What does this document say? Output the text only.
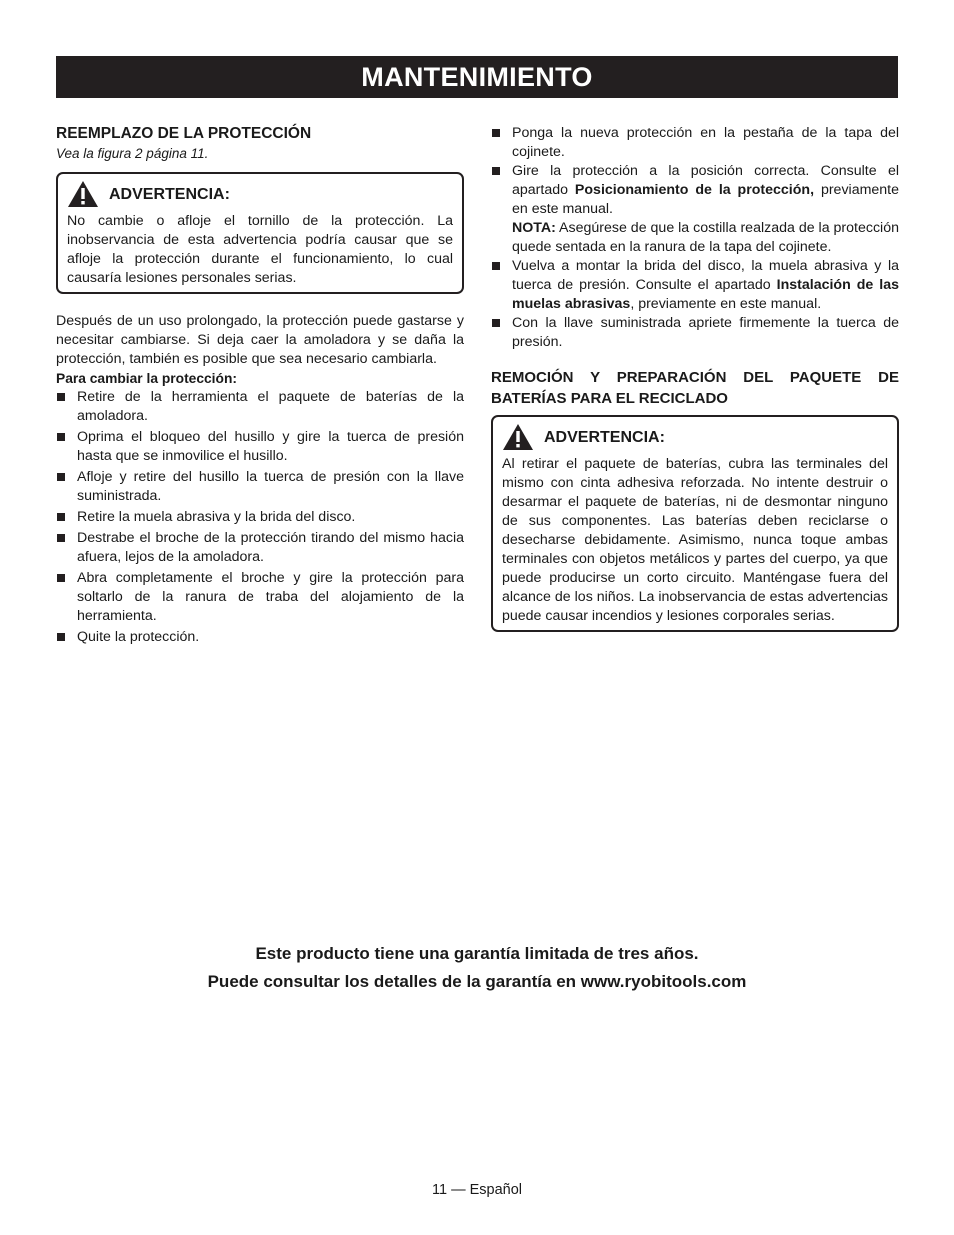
MANTENIMIENTO

REEMPLAZO DE LA PROTECCIÓN

Vea la figura 2 página 11.

ADVERTENCIA:

No cambie o afloje el tornillo de la protección. La inobservancia de esta advertencia podría causar que se afloje la protección durante el funcionamiento, lo cual causaría lesiones personales serias.

Después de un uso prolongado, la protección puede gastarse y necesitar cambiarse. Si deja caer la amoladora y se daña la protección, también es posible que sea necesario cambiarla.

Para cambiar la protección:

Retire de la herramienta el paquete de baterías de la amoladora.
Oprima el bloqueo del husillo y gire la tuerca de presión hasta que se inmovilice el husillo.
Afloje y retire del husillo la tuerca de presión con la llave suministrada.
Retire la muela abrasiva y la brida del disco.
Destrabe el broche de la protección tirando del mismo hacia afuera, lejos de la amoladora.
Abra completamente el broche y gire la protección para soltarlo de la ranura de traba del alojamiento de la herramienta.
Quite la protección.
Ponga la nueva protección en la pestaña de la tapa del cojinete.
Gire la protección a la posición correcta. Consulte el apartado Posicionamiento de la protección, previamente en este manual.
NOTA: Asegúrese de que la costilla realzada de la protección quede sentada en la ranura de la tapa del cojinete.
Vuelva a montar la brida del disco, la muela abrasiva y la tuerca de presión. Consulte el apartado Instalación de las muelas abrasivas, previamente en este manual.
Con la llave suministrada apriete firmemente la tuerca de presión.

REMOCIÓN Y PREPARACIÓN DEL PAQUETE DE BATERÍAS PARA EL RECICLADO

ADVERTENCIA:

Al retirar el paquete de baterías, cubra las terminales del mismo con cinta adhesiva reforzada. No intente destruir o desarmar el paquete de baterías, ni de desmontar ninguno de sus componentes. Las baterías deben reciclarse o desecharse debidamente. Asimismo, nunca toque ambas terminales con objetos metálicos y partes del cuerpo, ya que puede producirse un corto circuito. Manténgase fuera del alcance de los niños. La inobservancia de estas advertencias puede causar incendios y lesiones corporales serias.

Este producto tiene una garantía limitada de tres años.
Puede consultar los detalles de la garantía en www.ryobitools.com
11 — Español
